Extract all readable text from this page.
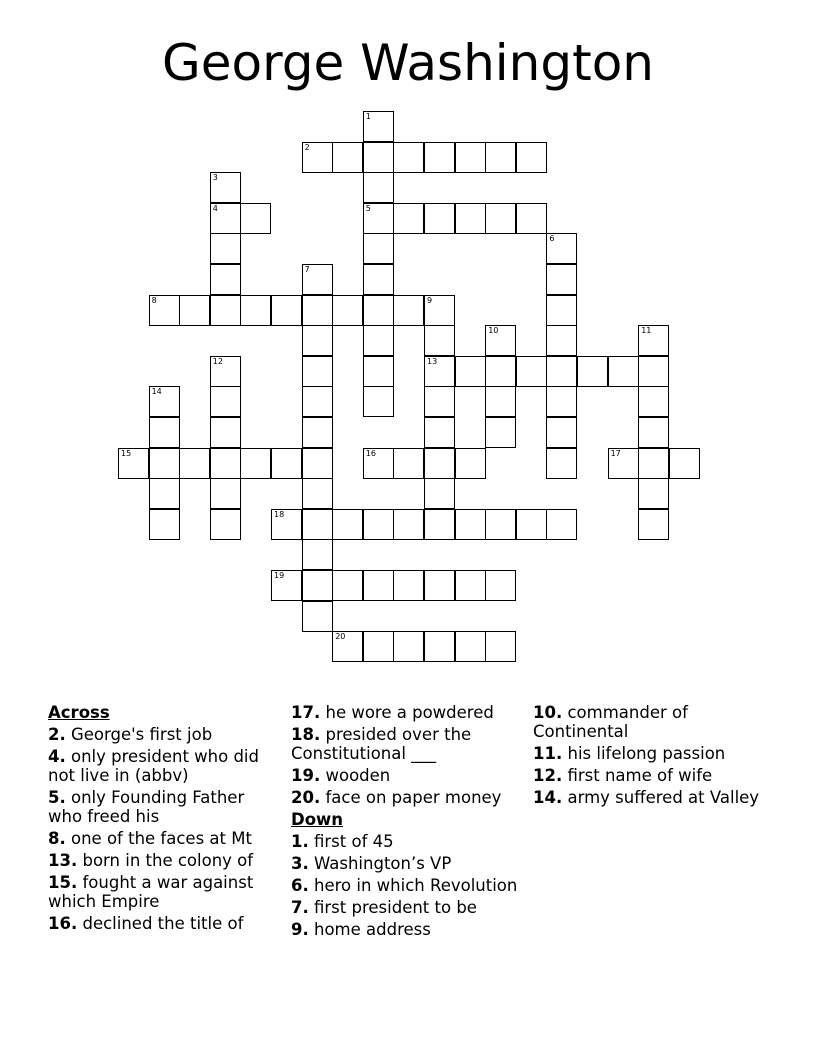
George Washington
1
5
2
3
4
6
7
8	9
13
10	11
12
14
15	16	17
18
19
20
Across
2. George's first job
4. only president who did not live in (abbv)
5. only Founding Father who freed his
8. one of the faces at Mt
13. born in the colony of
15. fought a war against which Empire
16. declined the title of
17. he wore a powdered
18. presided over the Constitutional ___
19. wooden
20. face on paper money
Down
1. first of 45
3. Washington’s VP
6. hero in which Revolution
7. first president to be
9. home address
10. commander of Continental
11. his lifelong passion
12. first name of wife
14. army suffered at Valley
